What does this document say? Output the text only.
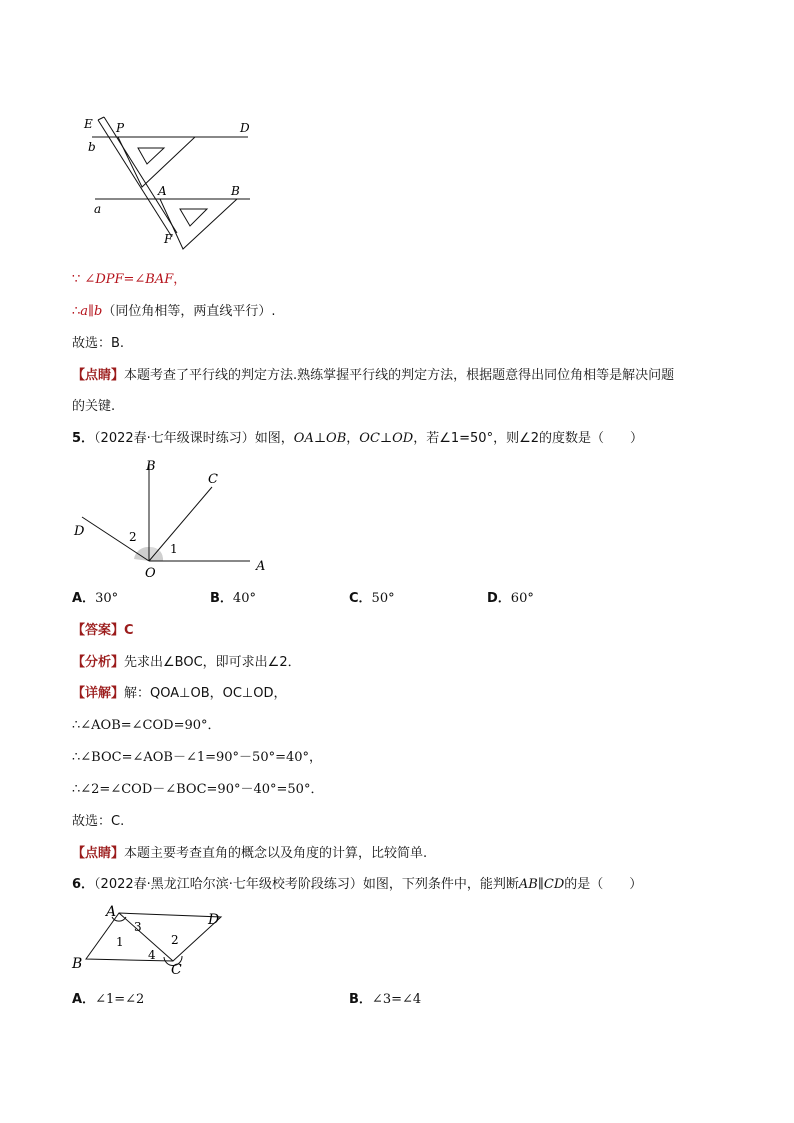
E P	D
b
A	B
a
F
∵ ∠DPF=∠BAF，
∴a∥b（同位角相等，两直线平行）.
故选：B.
【点睛】本题考查了平行线的判定方法.熟练掌握平行线的判定方法，根据题意得出同位角相等是解决问题
的关键.
5．（2022春·七年级课时练习）如图，OA⊥OB，OC⊥OD，若∠1=50°，则∠2的度数是（　　）
B
C
D
O	A
1
2
A．30°	B．40°	C．50°	D．60°
【答案】C
【分析】先求出∠BOC，即可求出∠2．
【详解】解：QOA⊥OB，OC⊥OD，
∴∠AOB=∠COD=90°．
∴∠BOC=∠AOB－∠1=90°－50°=40°，
∴∠2=∠COD－∠BOC=90°－40°=50°．
故选：C.
【点睛】本题主要考查直角的概念以及角度的计算，比较简单.
6．（2022春·黑龙江哈尔滨·七年级校考阶段练习）如图，下列条件中，能判断AB∥CD的是（　　）
A	D
B	C
1	2
3
4
A．∠1=∠2	B．∠3=∠4
